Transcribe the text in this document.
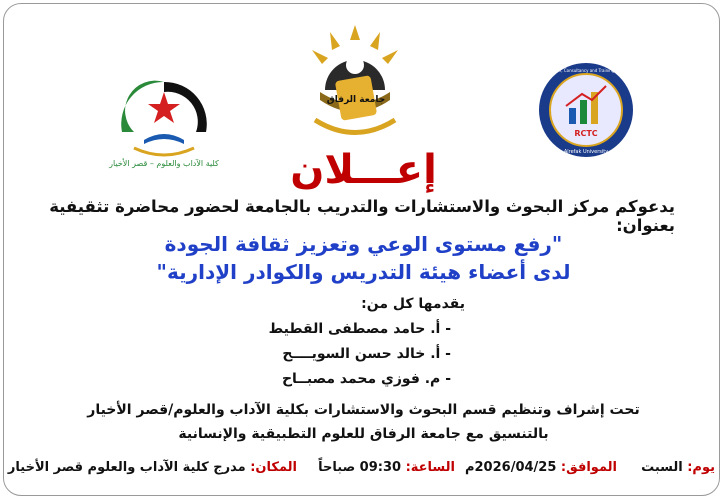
كلية الآداب والعلوم – قصر الأخيار
جامعة الرفاق
RCTC
Research, Consultancy and Training Center
Alrefak University
إعـــلان
يدعوكم مركز البحوث والاستشارات والتدريب بالجامعة لحضور محاضرة تثقيفية بعنوان:
"رفع مستوى الوعي وتعزيز ثقافة الجودة
لدى أعضاء هيئة التدريس والكوادر الإدارية"
يقدمها كل من:
- أ. حامد مصطفى القطيط
- أ. خالد حسن السويــــح
- م. فوزي محمد مصبــاح
تحت إشراف وتنظيم قسم البحوث والاستشارات بكلية الآداب والعلوم/قصر الأخيار
بالتنسيق مع جامعة الرفاق للعلوم التطبيقية والإنسانية
يوم: السبت
الموافق: 2026/04/25م
الساعة: 09:30 صباحاً
المكان: مدرج كلية الآداب والعلوم قصر الأخيار
